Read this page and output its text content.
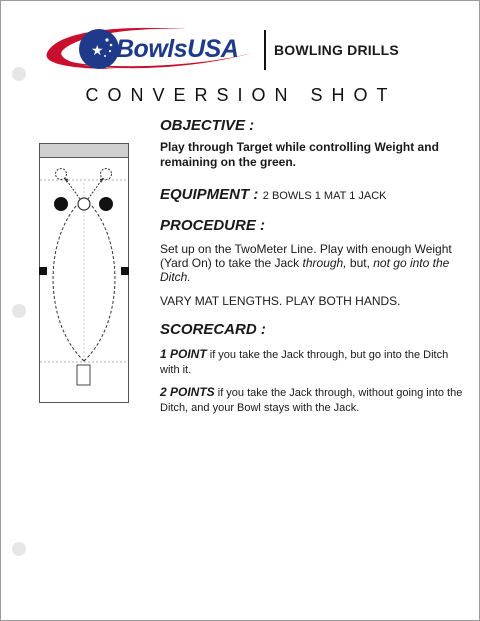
★ BowlsUSA	BOWLING DRILLS
CONVERSION SHOT
OBJECTIVE :
Play through Target while controlling Weight and remaining on the green.
EQUIPMENT : 2 BOWLS 1 MAT 1 JACK
PROCEDURE :

Set up on the TwoMeter Line. Play with enough Weight (Yard On) to take the Jack through, but, not go into the Ditch.

VARY MAT LENGTHS. PLAY BOTH HANDS.
SCORECARD :

1 POINT if you take the Jack through, but go into the Ditch with it.

2 POINTS if you take the Jack through, without going into the Ditch, and your Bowl stays with the Jack.
